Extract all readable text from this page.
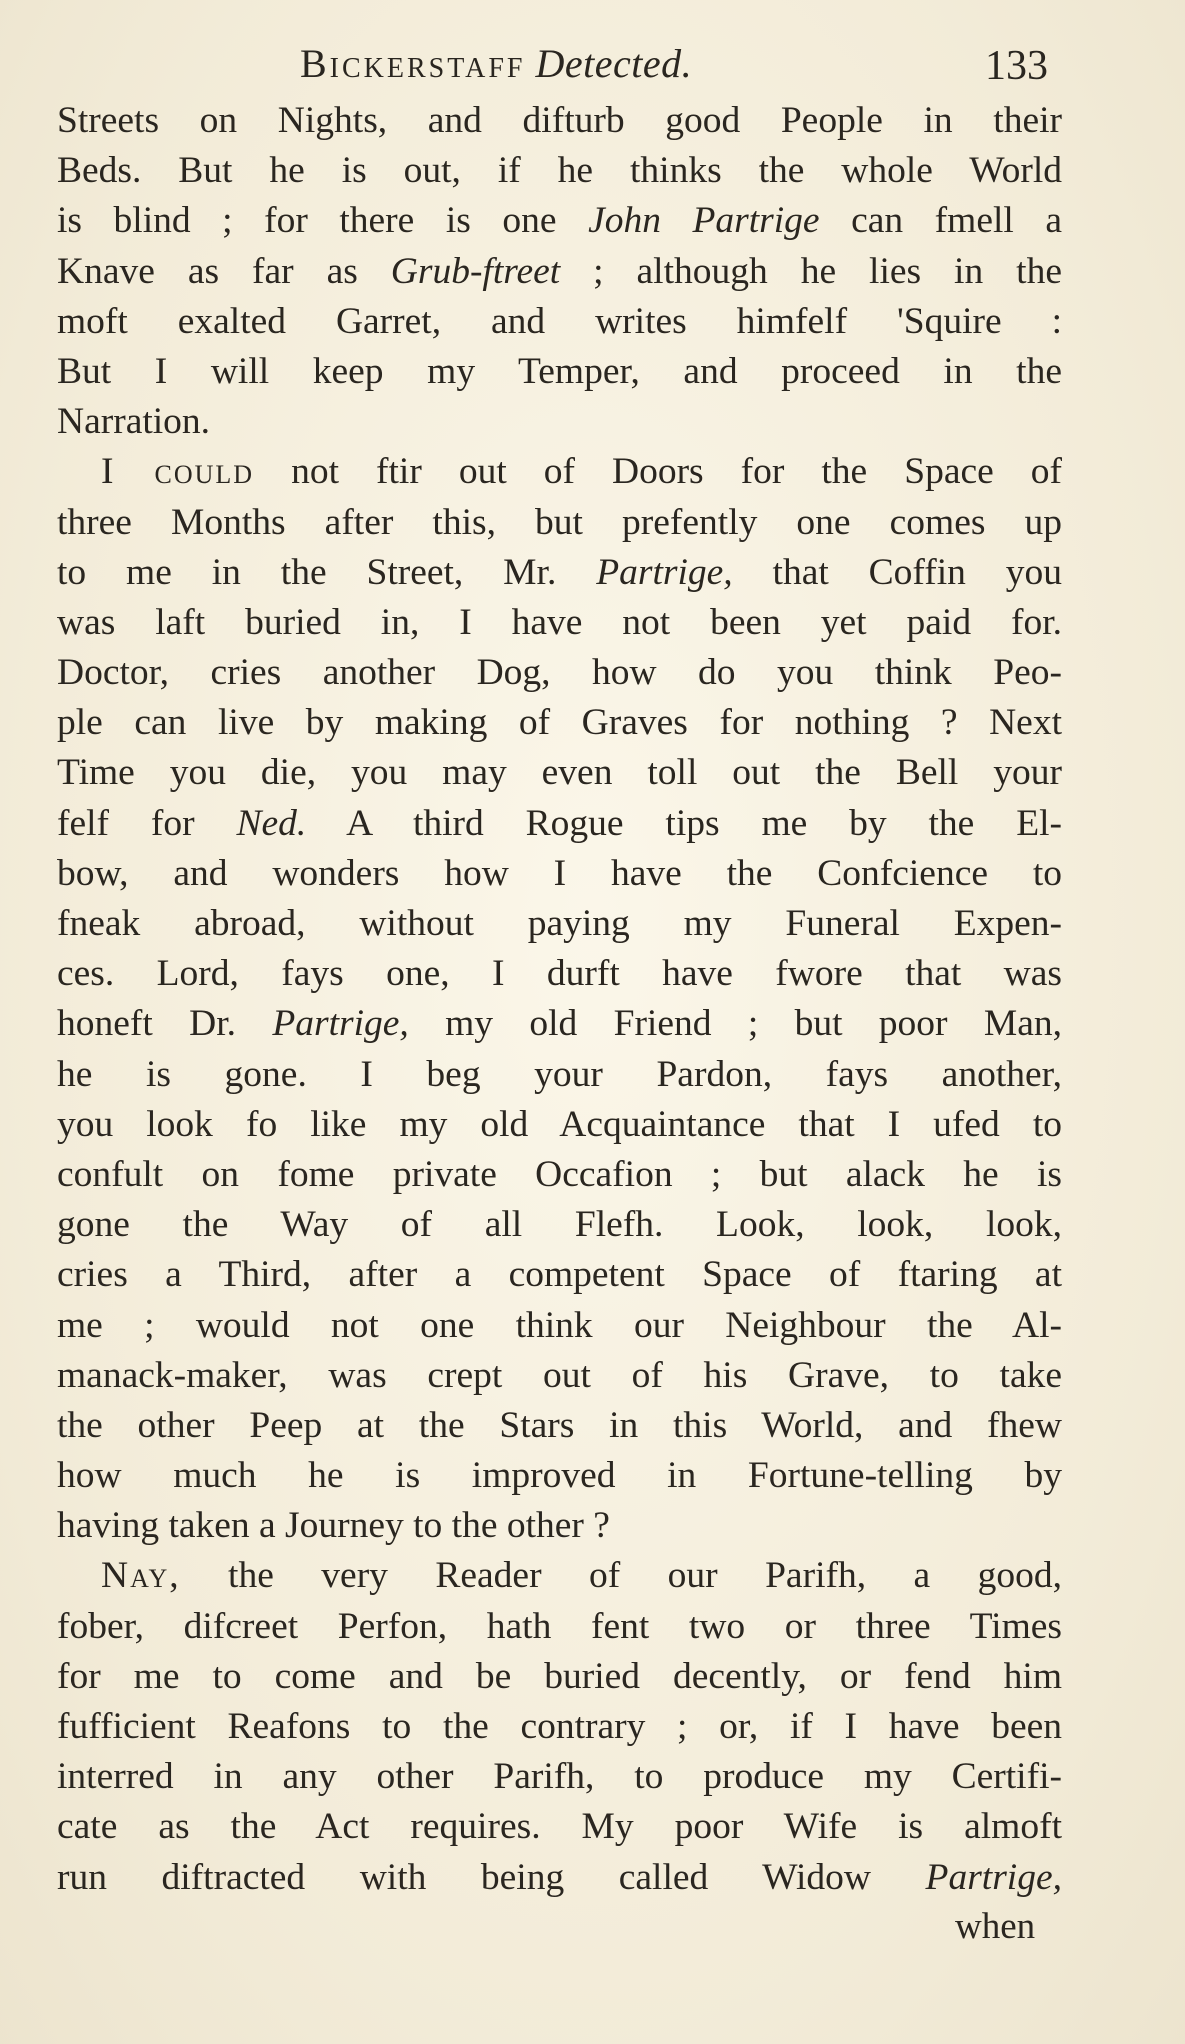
Bickerstaff Detected.	133
Streets on Nights, and difturb good People in their
Beds. But he is out, if he thinks the whole World
is blind ; for there is one John Partrige can fmell a
Knave as far as Grub-ftreet ; although he lies in the
moft exalted Garret, and writes himfelf 'Squire :
But I will keep my Temper, and proceed in the
Narration.
I could not ftir out of Doors for the Space of
three Months after this, but prefently one comes up
to me in the Street, Mr. Partrige, that Coffin you
was laft buried in, I have not been yet paid for.
Doctor, cries another Dog, how do you think Peo-
ple can live by making of Graves for nothing ? Next
Time you die, you may even toll out the Bell your
felf for Ned. A third Rogue tips me by the El-
bow, and wonders how I have the Confcience to
fneak abroad, without paying my Funeral Expen-
ces. Lord, fays one, I durft have fwore that was
honeft Dr. Partrige, my old Friend ; but poor Man,
he is gone. I beg your Pardon, fays another,
you look fo like my old Acquaintance that I ufed to
confult on fome private Occafion ; but alack he is
gone the Way of all Flefh. Look, look, look,
cries a Third, after a competent Space of ftaring at
me ; would not one think our Neighbour the Al-
manack-maker, was crept out of his Grave, to take
the other Peep at the Stars in this World, and fhew
how much he is improved in Fortune-telling by
having taken a Journey to the other ?
Nay, the very Reader of our Parifh, a good,
fober, difcreet Perfon, hath fent two or three Times
for me to come and be buried decently, or fend him
fufficient Reafons to the contrary ; or, if I have been
interred in any other Parifh, to produce my Certifi-
cate as the Act requires. My poor Wife is almoft
run diftracted with being called Widow Partrige,
when
